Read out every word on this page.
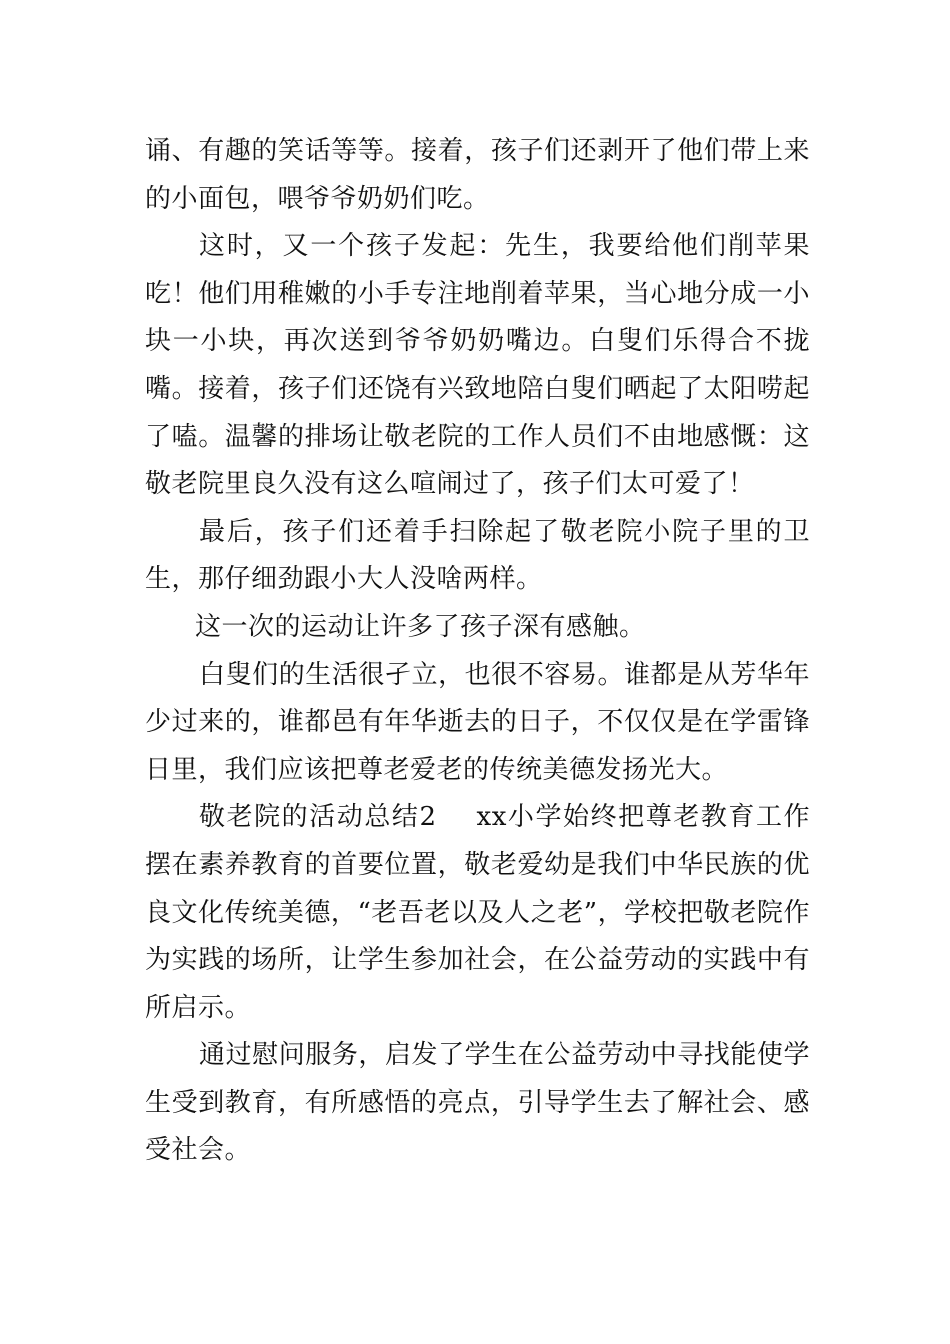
诵、有趣的笑话等等。接着，孩子们还剥开了他们带上来的小面包，喂爷爷奶奶们吃。

这时，又一个孩子发起：先生，我要给他们削苹果吃！他们用稚嫩的小手专注地削着苹果，当心地分成一小块一小块，再次送到爷爷奶奶嘴边。白叟们乐得合不拢嘴。接着，孩子们还饶有兴致地陪白叟们晒起了太阳唠起了嗑。温馨的排场让敬老院的工作人员们不由地感慨：这敬老院里良久没有这么喧闹过了，孩子们太可爱了！

最后，孩子们还着手扫除起了敬老院小院子里的卫生，那仔细劲跟小大人没啥两样。

这一次的运动让许多了孩子深有感触。

白叟们的生活很孑立，也很不容易。谁都是从芳华年少过来的，谁都邑有年华逝去的日子，不仅仅是在学雷锋日里，我们应该把尊老爱老的传统美德发扬光大。

敬老院的活动总结2 xx小学始终把尊老教育工作摆在素养教育的首要位置，敬老爱幼是我们中华民族的优良文化传统美德，“老吾老以及人之老”，学校把敬老院作为实践的场所，让学生参加社会，在公益劳动的实践中有所启示。

通过慰问服务，启发了学生在公益劳动中寻找能使学生受到教育，有所感悟的亮点，引导学生去了解社会、感受社会。
